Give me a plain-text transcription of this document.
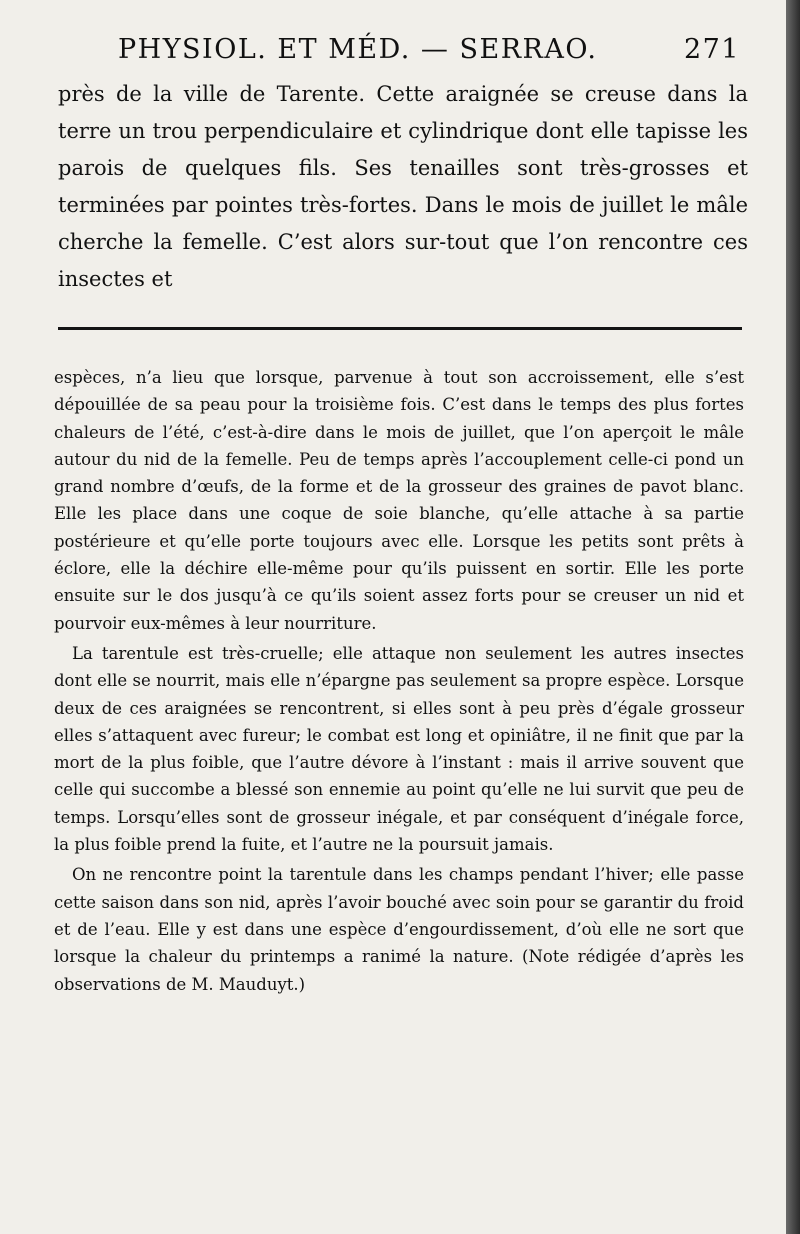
PHYSIOL. ET MÉD. — SERRAO.	271

près de la ville de Tarente. Cette araignée se creuse dans la terre un trou perpendiculaire et cylindrique dont elle tapisse les parois de quelques fils. Ses tenailles sont très-grosses et terminées par pointes très-fortes. Dans le mois de juillet le mâle cherche la femelle. C’est alors sur-tout que l’on rencontre ces insectes et

espèces, n’a lieu que lorsque, parvenue à tout son accroissement, elle s’est dépouillée de sa peau pour la troisième fois. C’est dans le temps des plus fortes chaleurs de l’été, c’est-à-dire dans le mois de juillet, que l’on aperçoit le mâle autour du nid de la femelle. Peu de temps après l’accouplement celle-ci pond un grand nombre d’œufs, de la forme et de la grosseur des graines de pavot blanc. Elle les place dans une coque de soie blanche, qu’elle attache à sa partie postérieure et qu’elle porte toujours avec elle. Lorsque les petits sont prêts à éclore, elle la déchire elle-même pour qu’ils puissent en sortir. Elle les porte ensuite sur le dos jusqu’à ce qu’ils soient assez forts pour se creuser un nid et pourvoir eux-mêmes à leur nourriture.

La tarentule est très-cruelle; elle attaque non seulement les autres insectes dont elle se nourrit, mais elle n’épargne pas seulement sa propre espèce. Lorsque deux de ces araignées se rencontrent, si elles sont à peu près d’égale grosseur elles s’attaquent avec fureur; le combat est long et opiniâtre, il ne finit que par la mort de la plus foible, que l’autre dévore à l’instant : mais il arrive souvent que celle qui succombe a blessé son ennemie au point qu’elle ne lui survit que peu de temps. Lorsqu’elles sont de grosseur inégale, et par conséquent d’inégale force, la plus foible prend la fuite, et l’autre ne la poursuit jamais.

On ne rencontre point la tarentule dans les champs pendant l’hiver; elle passe cette saison dans son nid, après l’avoir bouché avec soin pour se garantir du froid et de l’eau. Elle y est dans une espèce d’engourdissement, d’où elle ne sort que lorsque la chaleur du printemps a ranimé la nature. (Note rédigée d’après les observations de M. Mauduyt.)
